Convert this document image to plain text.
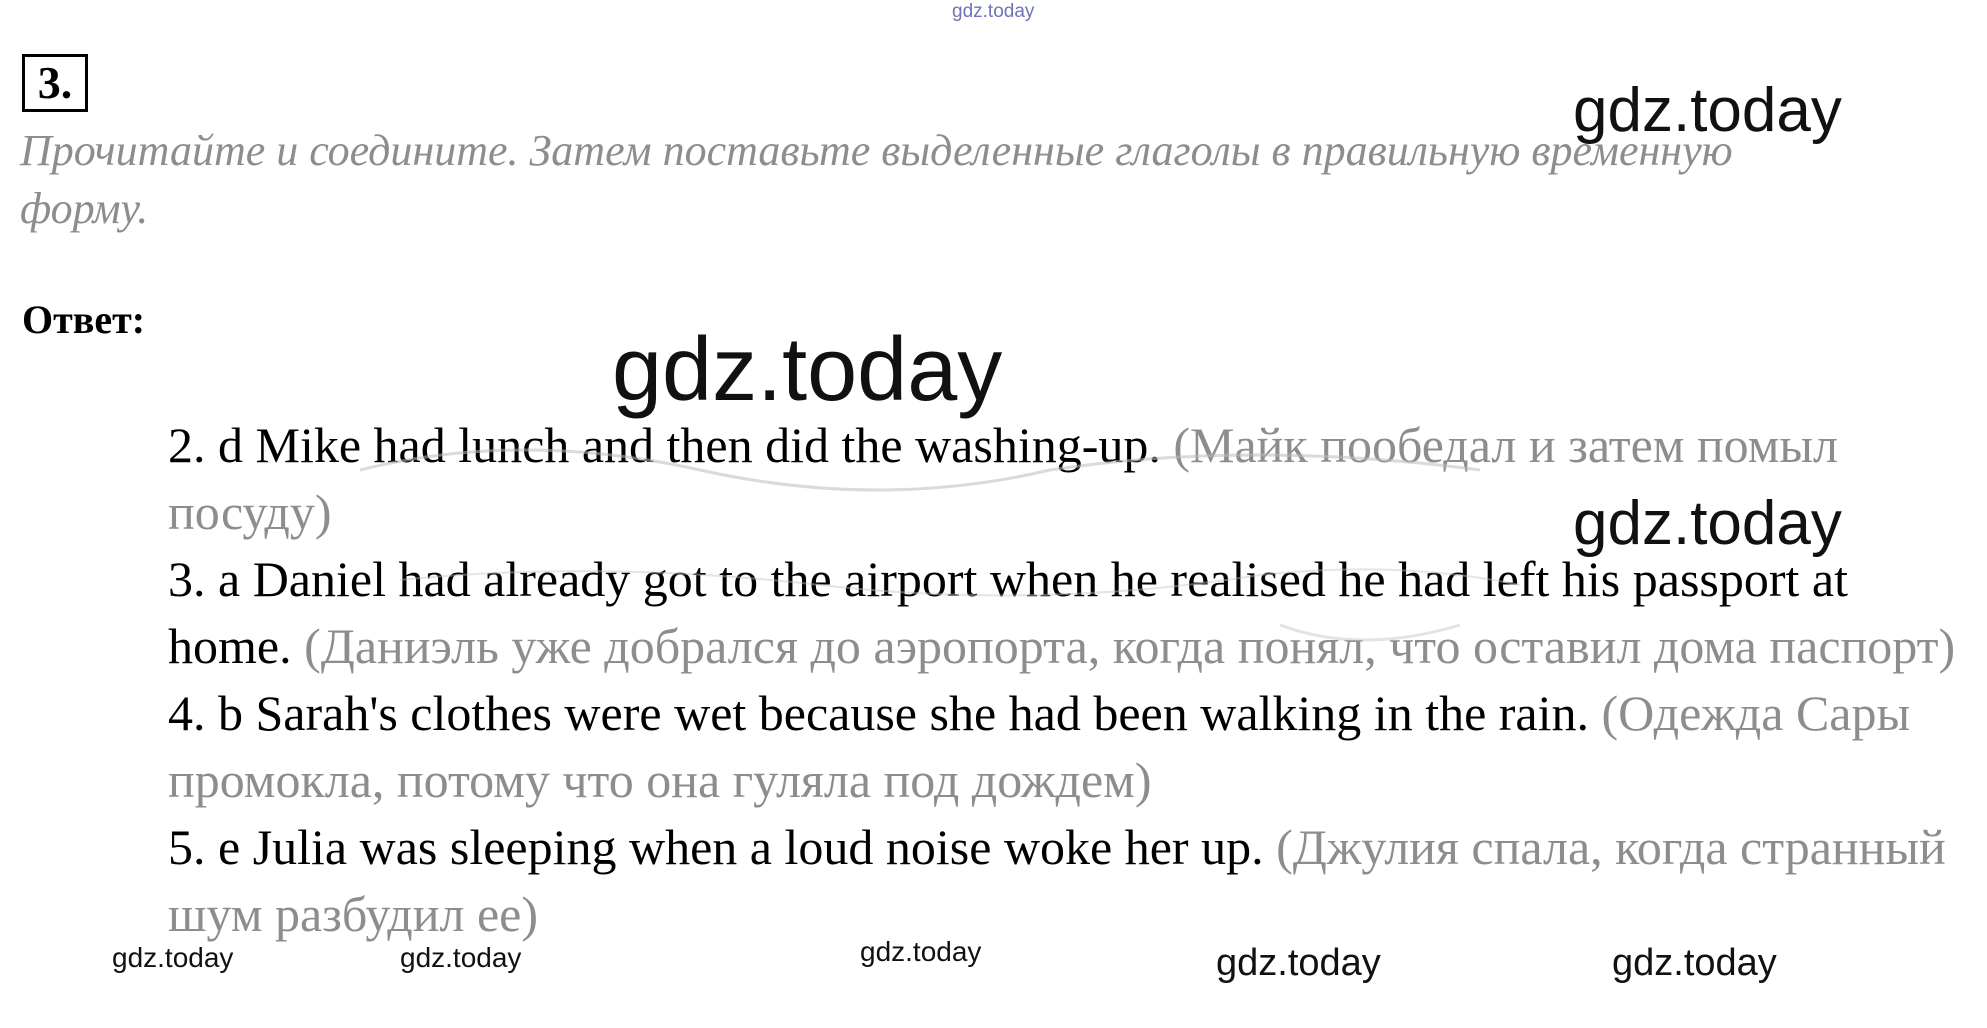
gdz.today
gdz.today
gdz.today
gdz.today
3.
Прочитайте и соедините. Затем поставьте выделенные глаголы в правильную временную форму.
Ответ:
2. d Mike had lunch and then did the washing-up. (Майк пообедал и затем помыл посуду)
3. a Daniel had already got to the airport when he realised he had left his passport at home. (Даниэль уже добрался до аэропорта, когда понял, что оставил дома паспорт)
4. b Sarah's clothes were wet because she had been walking in the rain. (Одежда Сары промокла, потому что она гуляла под дождем)
5. e Julia was sleeping when a loud noise woke her up. (Джулия спала, когда странный шум разбудил ее)
gdz.today	gdz.today	gdz.today	gdz.today	gdz.today
